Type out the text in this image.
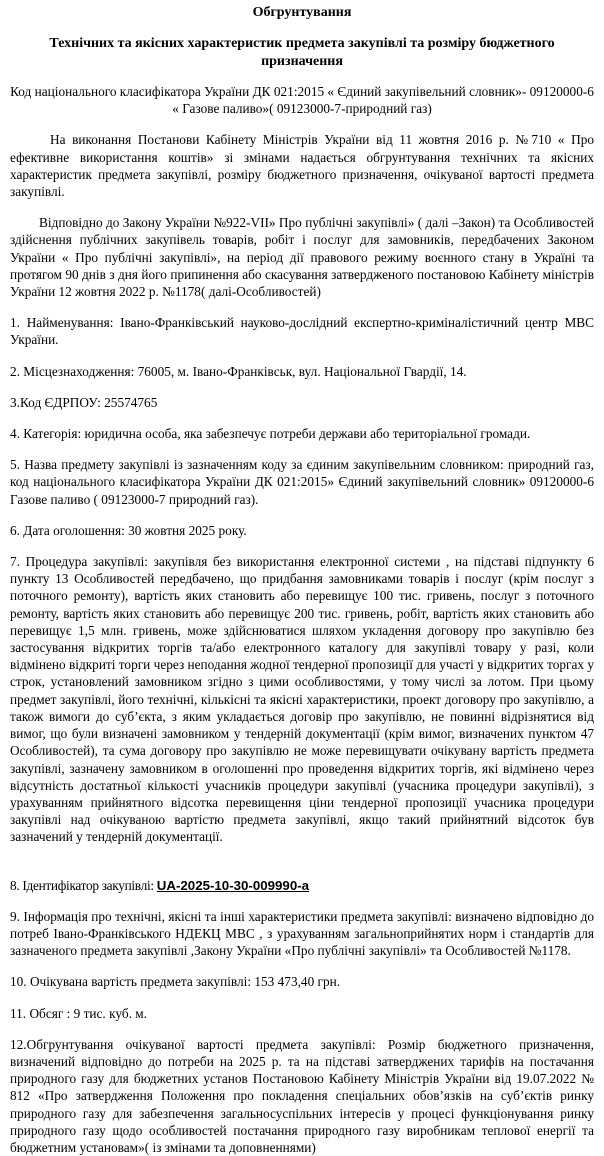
Обгрунтування

Технічних та якісних характеристик предмета закупівлі та розміру бюджетного призначення

Код національного класифікатора України ДК 021:2015 « Єдиний закупівельний словник»- 09120000-6 « Газове паливо»( 09123000-7-природний газ)

На виконання Постанови Кабінету Міністрів України від 11 жовтня 2016 р. №710 « Про ефективне використання коштів» зі змінами надається обгрунтування технічних та якісних характеристик предмета закупівлі, розміру бюджетного призначення, очікуваної вартості предмета закупівлі.

Відповідно до Закону України №922-VII» Про публічні закупівлі» ( далі –Закон) та Особливостей здійснення публічних закупівель товарів, робіт і послуг для замовників, передбачених Законом України « Про публічні закупівлі», на період дії правового режиму воєнного стану в Україні та протягом 90 днів з дня його припинення або скасування затвердженого постановою Кабінету міністрів України 12 жовтня 2022 р. №1178( далі-Особливостей)

1. Найменування: Івано-Франківський науково-дослідний експертно-криміналістичний центр МВС України.

2. Місцезнаходження: 76005, м. Івано-Франківськ, вул. Національної Гвардії, 14.

3.Код ЄДРПОУ: 25574765

4. Категорія: юридична особа, яка забезпечує потреби держави або територіальної громади.

5. Назва предмету закупівлі із зазначенням коду за єдиним закупівельним словником: природний газ, код національного класифікатора України ДК 021:2015» Єдиний закупівельний словник» 09120000-6 Газове паливо ( 09123000-7 природний газ).

6. Дата оголошення: 30 жовтня 2025 року.

7. Процедура закупівлі: закупівля без використання електронної системи , на підставі підпункту 6 пункту 13 Особливостей передбачено, що придбання замовниками товарів і послуг (крім послуг з поточного ремонту), вартість яких становить або перевищує 100 тис. гривень, послуг з поточного ремонту, вартість яких становить або перевищує 200 тис. гривень, робіт, вартість яких становить або перевищує 1,5 млн. гривень, може здійснюватися шляхом укладення договору про закупівлю без застосування відкритих торгів та/або електронного каталогу для закупівлі товару у разі, коли відмінено відкриті торги через неподання жодної тендерної пропозиції для участі у відкритих торгах у строк, установлений замовником згідно з цими особливостями, у тому числі за лотом. При цьому предмет закупівлі, його технічні, кількісні та якісні характеристики, проект договору про закупівлю, а також вимоги до суб’єкта, з яким укладається договір про закупівлю, не повинні відрізнятися від вимог, що були визначені замовником у тендерній документації (крім вимог, визначених пунктом 47 Особливостей), та сума договору про закупівлю не може перевищувати очікувану вартість предмета закупівлі, зазначену замовником в оголошенні про проведення відкритих торгів, які відмінено через відсутність достатньої кількості учасників процедури закупівлі (учасника процедури закупівлі), з урахуванням прийнятного відсотка перевищення ціни тендерної пропозиції учасника процедури закупівлі над очікуваною вартістю предмета закупівлі, якщо такий прийнятний відсоток був зазначений у тендерній документації.

8. Ідентифікатор закупівлі: UA-2025-10-30-009990-a

9. Інформація про технічні, якісні та інші характеристики предмета закупівлі: визначено відповідно до потреб Івано-Франківського НДЕКЦ МВС , з урахуванням загальноприйнятих норм і стандартів для зазначеного предмета закупівлі ,Закону України «Про публічні закупівлі» та Особливостей №1178.

10. Очікувана вартість предмета закупівлі: 153 473,40 грн.

11. Обсяг : 9 тис. куб. м.

12.Обгрунтування очікуваної вартості предмета закупівлі: Розмір бюджетного призначення, визначений відповідно до потреби на 2025 р. та на підставі затверджених тарифів на постачання природного газу для бюджетних установ Постановою Кабінету Міністрів України від 19.07.2022 № 812 «Про затвердження Положення про покладення спеціальних обов’язків на суб’єктів ринку природного газу для забезпечення загальносуспільних інтересів у процесі функціонування ринку природного газу щодо особливостей постачання природного газу виробникам теплової енергії та бюджетним установам»( із змінами та доповненнями)
